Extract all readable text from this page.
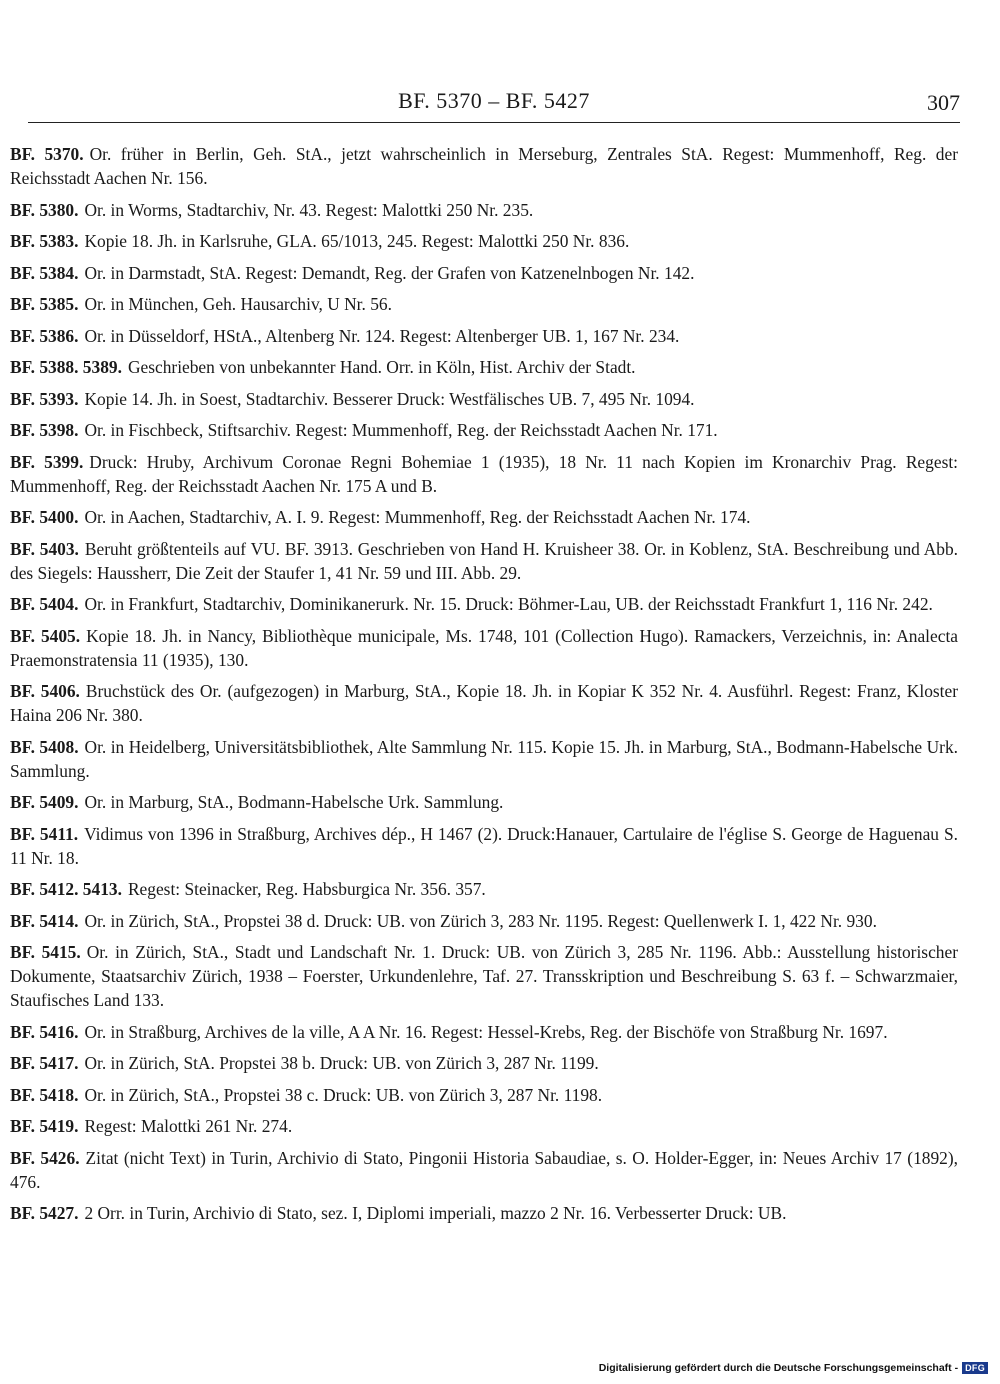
BF. 5370 – BF. 5427	307
BF. 5370. Or. früher in Berlin, Geh. StA., jetzt wahrscheinlich in Merseburg, Zentrales StA. Regest: Mummenhoff, Reg. der Reichsstadt Aachen Nr. 156.
BF. 5380. Or. in Worms, Stadtarchiv, Nr. 43. Regest: Malottki 250 Nr. 235.
BF. 5383. Kopie 18. Jh. in Karlsruhe, GLA. 65/1013, 245. Regest: Malottki 250 Nr. 836.
BF. 5384. Or. in Darmstadt, StA. Regest: Demandt, Reg. der Grafen von Katzenelnbogen Nr. 142.
BF. 5385. Or. in München, Geh. Hausarchiv, U Nr. 56.
BF. 5386. Or. in Düsseldorf, HStA., Altenberg Nr. 124. Regest: Altenberger UB. 1, 167 Nr. 234.
BF. 5388. 5389. Geschrieben von unbekannter Hand. Orr. in Köln, Hist. Archiv der Stadt.
BF. 5393. Kopie 14. Jh. in Soest, Stadtarchiv. Besserer Druck: Westfälisches UB. 7, 495 Nr. 1094.
BF. 5398. Or. in Fischbeck, Stiftsarchiv. Regest: Mummenhoff, Reg. der Reichsstadt Aachen Nr. 171.
BF. 5399. Druck: Hruby, Archivum Coronae Regni Bohemiae 1 (1935), 18 Nr. 11 nach Kopien im Kronarchiv Prag. Regest: Mummenhoff, Reg. der Reichsstadt Aachen Nr. 175 A und B.
BF. 5400. Or. in Aachen, Stadtarchiv, A. I. 9. Regest: Mummenhoff, Reg. der Reichsstadt Aachen Nr. 174.
BF. 5403. Beruht größtenteils auf VU. BF. 3913. Geschrieben von Hand H. Kruisheer 38. Or. in Koblenz, StA. Beschreibung und Abb. des Siegels: Haussherr, Die Zeit der Staufer 1, 41 Nr. 59 und III. Abb. 29.
BF. 5404. Or. in Frankfurt, Stadtarchiv, Dominikanerurk. Nr. 15. Druck: Böhmer-Lau, UB. der Reichsstadt Frankfurt 1, 116 Nr. 242.
BF. 5405. Kopie 18. Jh. in Nancy, Bibliothèque municipale, Ms. 1748, 101 (Collection Hugo). Ramackers, Verzeichnis, in: Analecta Praemonstratensia 11 (1935), 130.
BF. 5406. Bruchstück des Or. (aufgezogen) in Marburg, StA., Kopie 18. Jh. in Kopiar K 352 Nr. 4. Ausführl. Regest: Franz, Kloster Haina 206 Nr. 380.
BF. 5408. Or. in Heidelberg, Universitätsbibliothek, Alte Sammlung Nr. 115. Kopie 15. Jh. in Marburg, StA., Bodmann-Habelsche Urk. Sammlung.
BF. 5409. Or. in Marburg, StA., Bodmann-Habelsche Urk. Sammlung.
BF. 5411. Vidimus von 1396 in Straßburg, Archives dép., H 1467 (2). Druck:Hanauer, Cartulaire de l'église S. George de Haguenau S. 11 Nr. 18.
BF. 5412. 5413. Regest: Steinacker, Reg. Habsburgica Nr. 356. 357.
BF. 5414. Or. in Zürich, StA., Propstei 38 d. Druck: UB. von Zürich 3, 283 Nr. 1195. Regest: Quellenwerk I. 1, 422 Nr. 930.
BF. 5415. Or. in Zürich, StA., Stadt und Landschaft Nr. 1. Druck: UB. von Zürich 3, 285 Nr. 1196. Abb.: Ausstellung historischer Dokumente, Staatsarchiv Zürich, 1938 – Foerster, Urkundenlehre, Taf. 27. Transskription und Beschreibung S. 63 f. – Schwarzmaier, Staufisches Land 133.
BF. 5416. Or. in Straßburg, Archives de la ville, A A Nr. 16. Regest: Hessel-Krebs, Reg. der Bischöfe von Straßburg Nr. 1697.
BF. 5417. Or. in Zürich, StA. Propstei 38 b. Druck: UB. von Zürich 3, 287 Nr. 1199.
BF. 5418. Or. in Zürich, StA., Propstei 38 c. Druck: UB. von Zürich 3, 287 Nr. 1198.
BF. 5419. Regest: Malottki 261 Nr. 274.
BF. 5426. Zitat (nicht Text) in Turin, Archivio di Stato, Pingonii Historia Sabaudiae, s. O. Holder-Egger, in: Neues Archiv 17 (1892), 476.
BF. 5427. 2 Orr. in Turin, Archivio di Stato, sez. I, Diplomi imperiali, mazzo 2 Nr. 16. Verbesserter Druck: UB.
Digitalisierung gefördert durch die Deutsche Forschungsgemeinschaft - DFG
